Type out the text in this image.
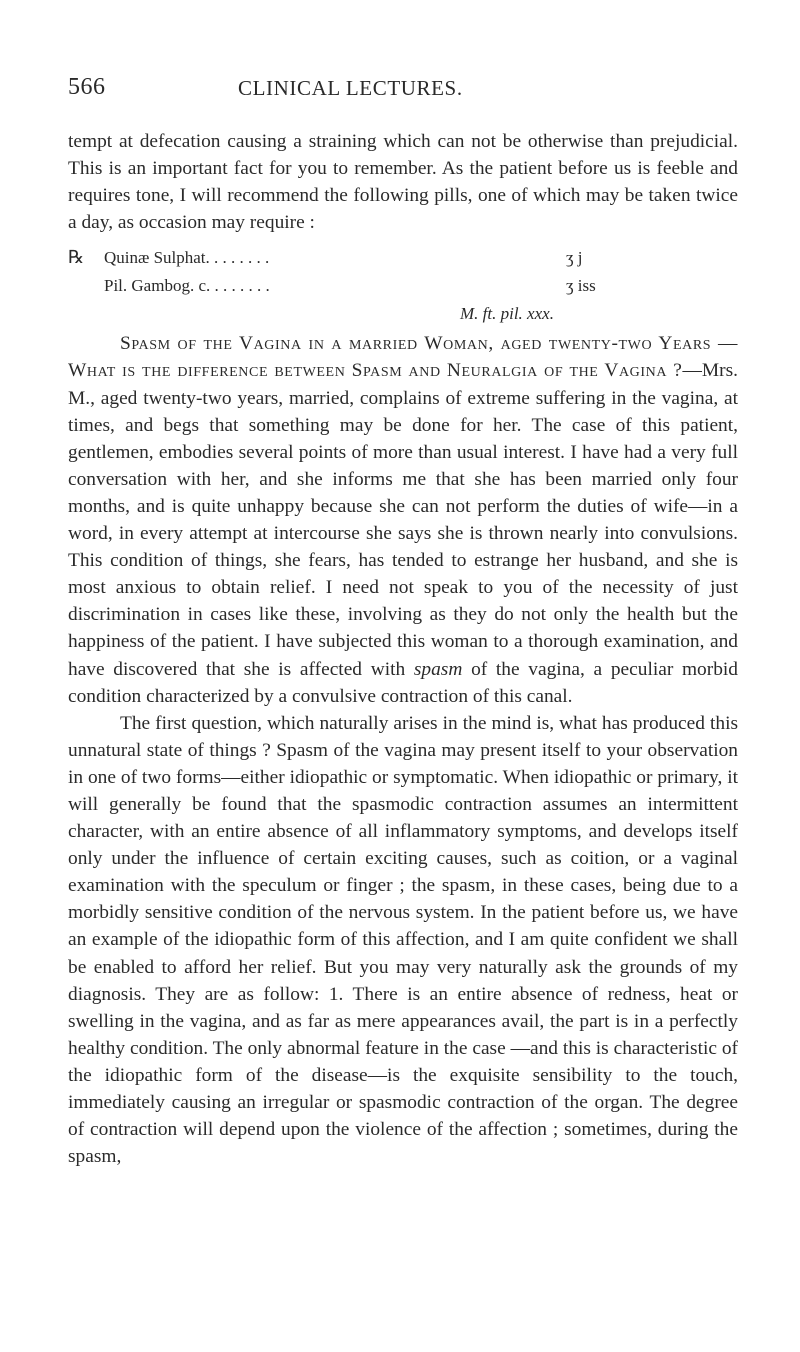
566	CLINICAL LECTURES.

tempt at defecation causing a straining which can not be otherwise than prejudicial. This is an important fact for you to remember. As the patient before us is feeble and requires tone, I will recommend the following pills, one of which may be taken twice a day, as occasion may require :

℞ Quinæ Sulphat. . . . . . . .	ʒ j
Pil. Gambog. c. . . . . . . .	ʒ iss
M. ft. pil. xxx.

Spasm of the Vagina in a married Woman, aged twenty-two Years —What is the difference between Spasm and Neuralgia of the Vagina ?—Mrs. M., aged twenty-two years, married, complains of extreme suffering in the vagina, at times, and begs that something may be done for her. The case of this patient, gentlemen, embodies several points of more than usual interest. I have had a very full conversation with her, and she informs me that she has been married only four months, and is quite unhappy because she can not perform the duties of wife—in a word, in every attempt at intercourse she says she is thrown nearly into convulsions. This condition of things, she fears, has tended to estrange her husband, and she is most anxious to obtain relief. I need not speak to you of the necessity of just discrimination in cases like these, involving as they do not only the health but the happiness of the patient. I have subjected this woman to a thorough examination, and have discovered that she is affected with spasm of the vagina, a peculiar morbid condition characterized by a convulsive contraction of this canal.

The first question, which naturally arises in the mind is, what has produced this unnatural state of things ? Spasm of the vagina may present itself to your observation in one of two forms—either idiopathic or symptomatic. When idiopathic or primary, it will generally be found that the spasmodic contraction assumes an intermittent character, with an entire absence of all inflammatory symptoms, and develops itself only under the influence of certain exciting causes, such as coition, or a vaginal examination with the speculum or finger ; the spasm, in these cases, being due to a morbidly sensitive condition of the nervous system. In the patient before us, we have an example of the idiopathic form of this affection, and I am quite confident we shall be enabled to afford her relief. But you may very naturally ask the grounds of my diagnosis. They are as follow: 1. There is an entire absence of redness, heat or swelling in the vagina, and as far as mere appearances avail, the part is in a perfectly healthy condition. The only abnormal feature in the case —and this is characteristic of the idiopathic form of the disease—is the exquisite sensibility to the touch, immediately causing an irregular or spasmodic contraction of the organ. The degree of contraction will depend upon the violence of the affection ; sometimes, during the spasm,
